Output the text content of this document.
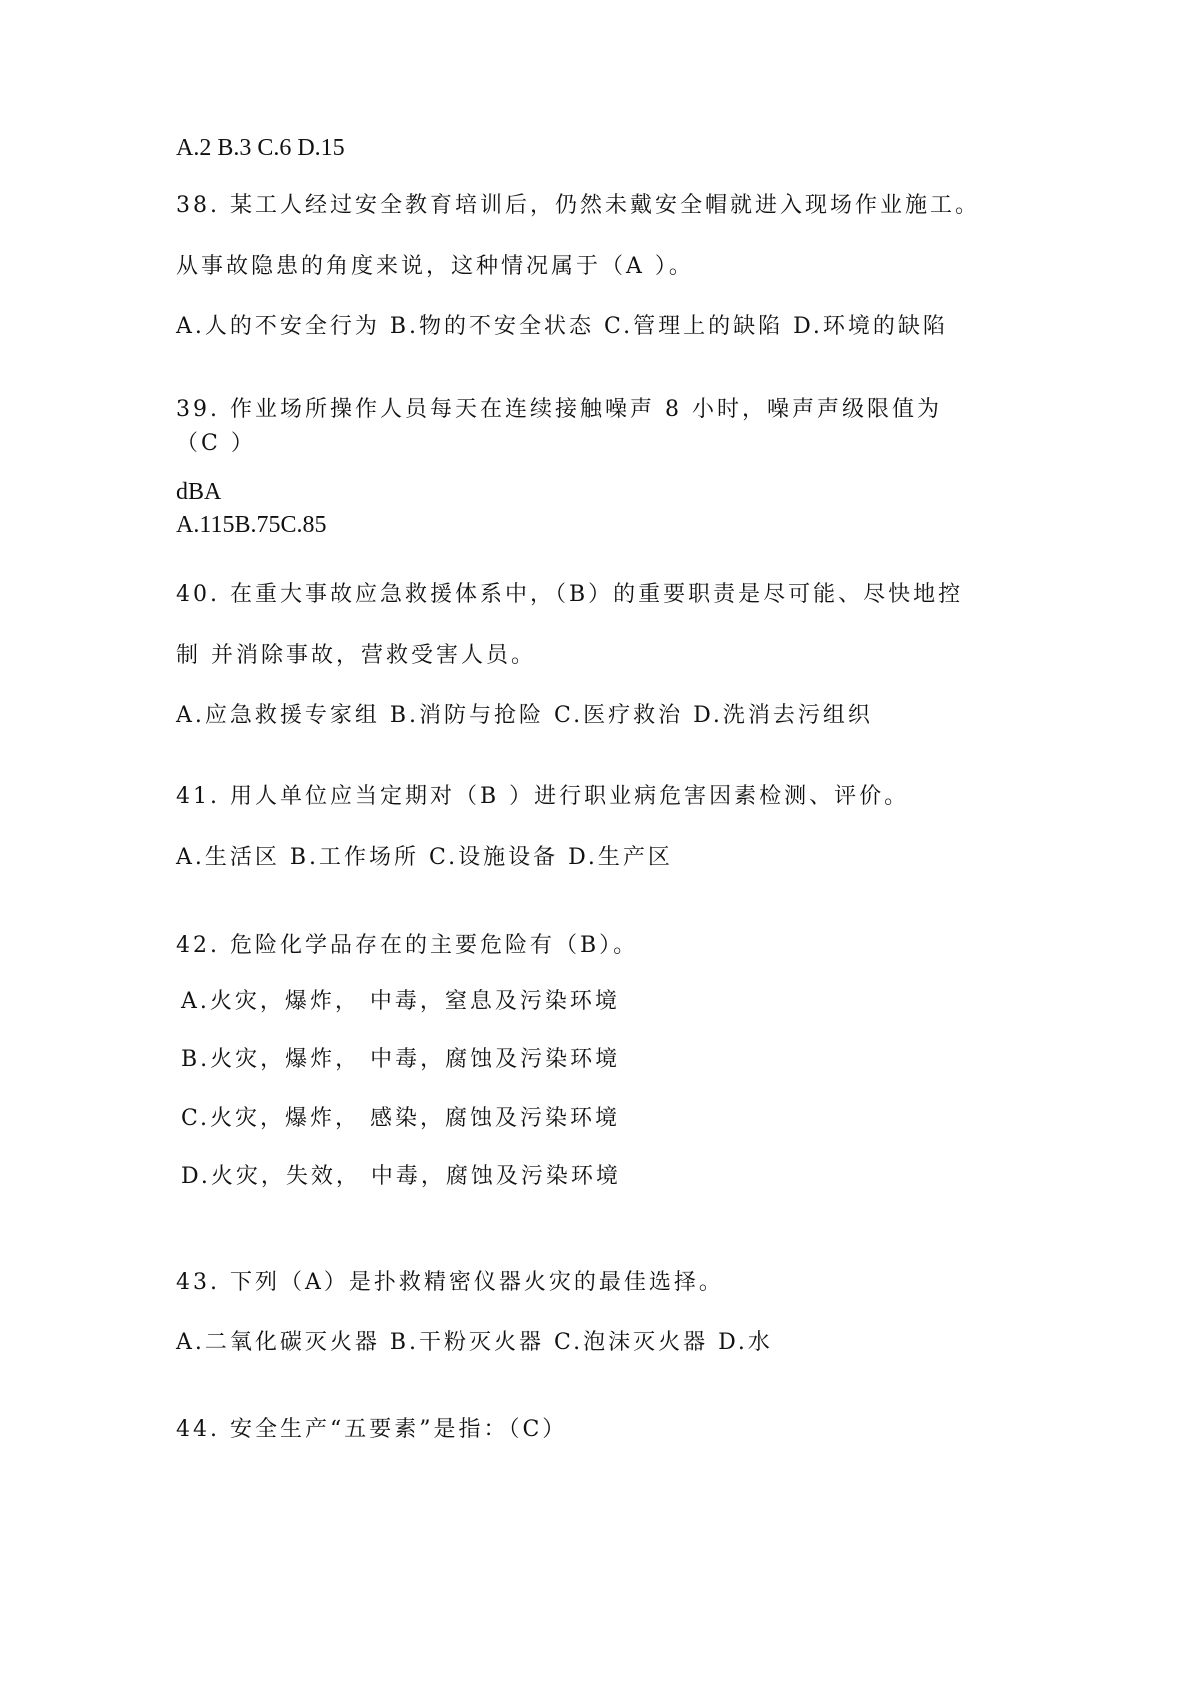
A.2 B.3 C.6 D.15

38. 某工人经过安全教育培训后，仍然未戴安全帽就进入现场作业施工。

从事故隐患的角度来说，这种情况属于（A ）。

A.人的不安全行为 B.物的不安全状态 C.管理上的缺陷 D.环境的缺陷

39. 作业场所操作人员每天在连续接触噪声 8 小时，噪声声级限值为

（C ）

dBA

A.115B.75C.85

40. 在重大事故应急救援体系中，（B）的重要职责是尽可能、尽快地控

制 并消除事故，营救受害人员。

A.应急救援专家组 B.消防与抢险 C.医疗救治 D.洗消去污组织

41. 用人单位应当定期对（B ）进行职业病危害因素检测、评价。

A.生活区 B.工作场所 C.设施设备 D.生产区

42. 危险化学品存在的主要危险有（B）。

A.火灾，爆炸， 中毒，窒息及污染环境

B.火灾，爆炸， 中毒，腐蚀及污染环境

C.火灾，爆炸， 感染，腐蚀及污染环境

D.火灾，失效， 中毒，腐蚀及污染环境

43. 下列（A）是扑救精密仪器火灾的最佳选择。

A.二氧化碳灭火器 B.干粉灭火器 C.泡沫灭火器 D.水

44. 安全生产“五要素”是指：（C）
